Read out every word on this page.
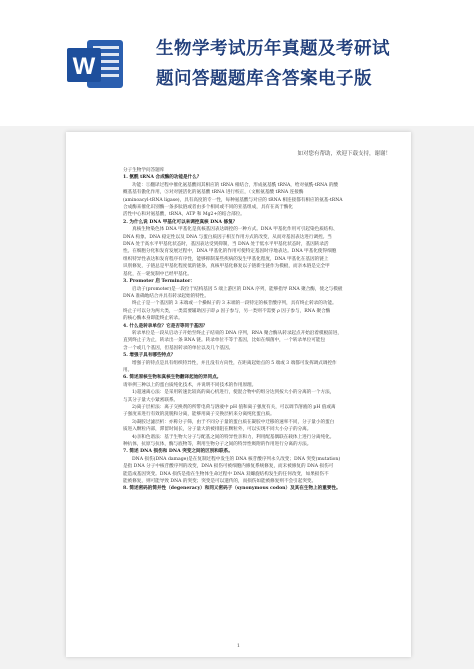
W
生物学考试历年真题及考研试
题问答题题库含答案电子版
如对您有帮助，欢迎下载支持，谢谢！

分子生物学问答题库

1. 氨酰 tRNA 合成酶的功能是什么？

功能：①翻译过程中催化氨基酸同其相应的 tRNA 相结合，形成氨基酰 tRNA，给对氨酰-tRNA 的酸

概基基有傲化作用，⑤对对链活化的氨基酸 tRNA 进行校正，（文框氨基酸 tRNA 连接酶

(aminoacyl-tRNA ligase)，具有高度的专一性，每种氨基酸与对应的 tRNA 相连接都有相应的氨基-tRNA

合成酶来催化识别酶一条多肽链或者由多个相同或不同的亚基组成，具有在高于酶化

活性中心和对氨基酸，tRNA，ATP 和 Mg2+的结合部位。

2. 为什么说 DNA 甲基化可以来调控真核 DNA 修复？

真核生物染色体 DNA 甲基化是真核基因表达调控的一种方式。DNA 甲基化作用可引起染色质结构、

DNA 构象、DNA 稳定性以及 DNA 与蛋白质因子相互作用方式的改变，从而对基因表达进行调控。当

DNA 处于高水平甲基化状态时，基因表达受到抑制，当 DNA 处于低水平甲基化状态时，基因转录活

性。在细胞分化和发育发展过程中，DNA 甲基化的作用可使特定基因时序地表达。DNA 甲基化使得细胞

组织特异性表达和发育程序有序性，能够抑制某些疾病的发生甲基化程度，DNA 甲基化在基因的链上

识别修复，子链总是甲基化程度低的链条，真核甲基化修复以子链新生链作为模板，而亲本链是完全甲

基化，在一轮复制中已经甲基化。

3. Promoter 启 Terminator：

启动子(promoter)是一段位于结构基因 5 端上游区的 DNA 序列，能够指导 RNA 聚合酶，使之与模板

DNA 准确地结合并具有转录起始的特性。

终止子是一个基因的 3 末端或一个操纵子的 3 末端的一段特定的核苷酸序列，具有终止转录的功能。

终止子可以分为两大类，一类需要辅助因子即 ρ 因子参与，另一类则不需要 ρ 因子参与，RNA 聚合酶

的核心酶本身即能终止转录。

4. 什么是转录单位？它是否等同于基因？

转录单位是一段从启动子开始至终止子结束的 DNA 序列，RNA 聚合酶从转录起点开始沿着模板前进，

直到终止子为止，转录出一条 RNA 链。转录单位不等于基因，比如在细菌中，一个转录单位可能包

含一个或几个基因，但基因转录的单位以及几个基因。

5. 增强子具有哪些特点？

增强子的特点是具有组织特异性，并且没有方向性，在距离起始点的 5 端或 3 端都可发挥调式调控作

用。

6. 简述原核生物和真核生物翻译起始的异同点。

请举例三种以上的蛋白质纯化技术，并说明不同技术的作用原理。

1)超速离心法：是采用转速比较高的离心机进行，使混合物中的组分达到按大小的分离的一个方法，

与其分子量大小紧密联系。

2)离子层析法：离子交换剂的所带电荷与溶液中 pH 值和离子强度有关，可以调节溶液的 pH 值或离

子强度来进行有效的洗脱和分离，能够用离子交换层析来分离纯化蛋白质。

3)凝胶过滤层析：亦称分子筛，由于不同分子量的蛋白质在凝胶中迁移的速率不同，分子量小的蛋白

质进入颗粒内部，滞留时间长，分子量大的被排阻在颗粒外，可以实现不同大小分子的分离。

4)亲和色谱法：基于生物大分子与配基之间的特异性亲和力，利用配基偶联在载体上进行分离纯化。

种抗体，抗原与抗体，酶与底物等，利用生物分子之间的特异性吸附的作用进行分离的方法。

7. 简述 DNA 损伤和 DNA 突变之间的区别和联系。

DNA 损伤(DNA damage)是在复制过程中发生的 DNA 核苷酸序列永久改变；DNA 突变(mutation)

是指 DNA 分子中核苷酸序列的改变，DNA 损伤可被细胞内修复系统修复，而未被修复的 DNA 损伤可

能造成基因突变。DNA 损伤是指在生物体生命过程中 DNA 双螺旋结构发生的任何改变，如果损伤不

能被修复，则可能导致 DNA 的突变；突变是可以遗传的，而损伤如能被修复则不会引起突变。

8. 简述密码的简并性（degeneracy）和同义密码子（synonymous codon）及其在生物上的重要性。

1
